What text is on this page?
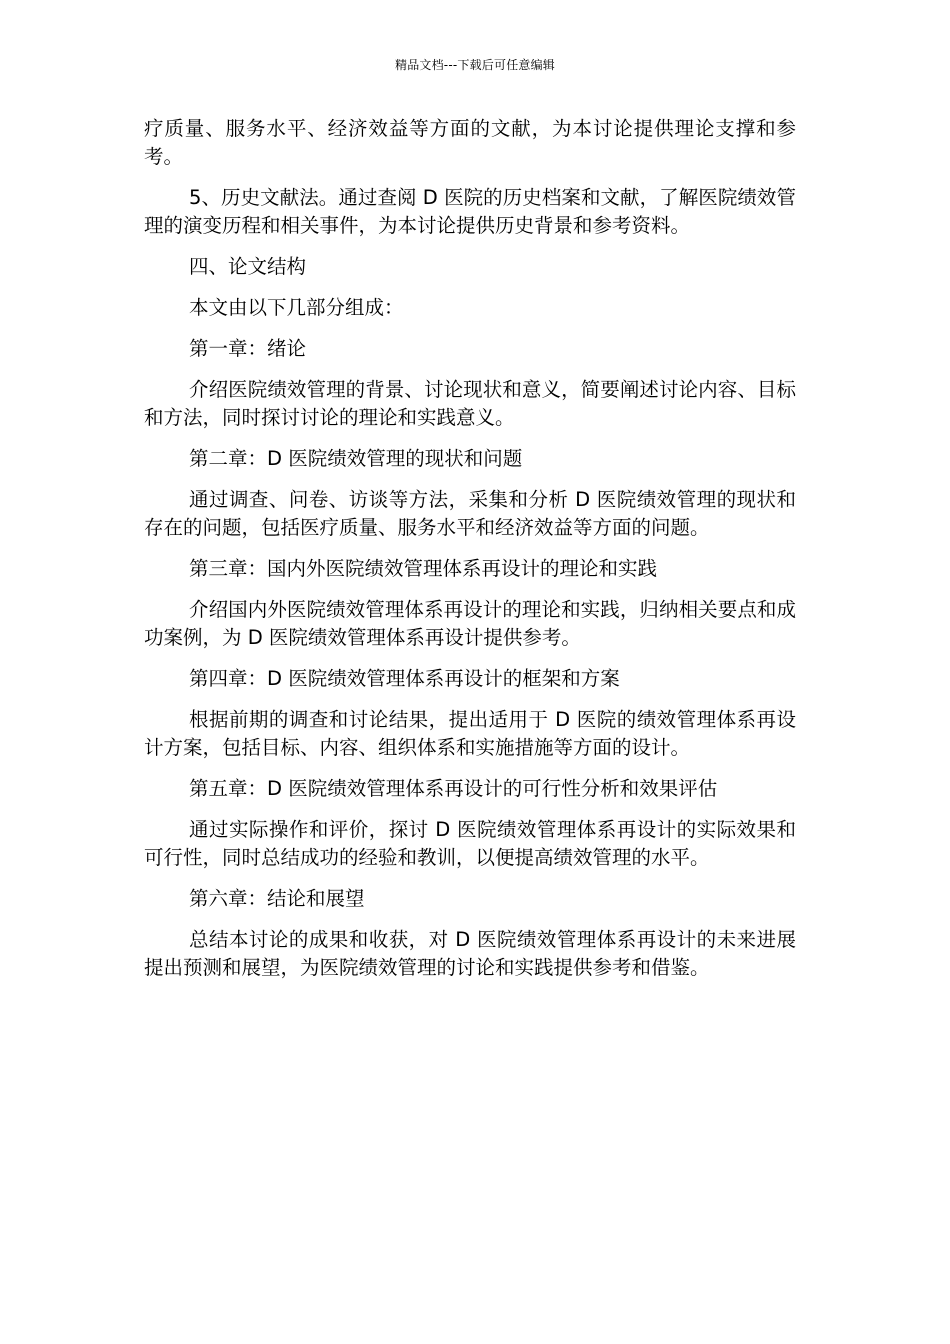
精品文档---下载后可任意编辑

疗质量、服务水平、经济效益等方面的文献，为本讨论提供理论支撑和参考。

5、历史文献法。通过查阅 D 医院的历史档案和文献，了解医院绩效管理的演变历程和相关事件，为本讨论提供历史背景和参考资料。

四、论文结构

本文由以下几部分组成：

第一章：绪论

介绍医院绩效管理的背景、讨论现状和意义，简要阐述讨论内容、目标和方法，同时探讨讨论的理论和实践意义。

第二章：D 医院绩效管理的现状和问题

通过调查、问卷、访谈等方法，采集和分析 D 医院绩效管理的现状和存在的问题，包括医疗质量、服务水平和经济效益等方面的问题。

第三章：国内外医院绩效管理体系再设计的理论和实践

介绍国内外医院绩效管理体系再设计的理论和实践，归纳相关要点和成功案例，为 D 医院绩效管理体系再设计提供参考。

第四章：D 医院绩效管理体系再设计的框架和方案

根据前期的调查和讨论结果，提出适用于 D 医院的绩效管理体系再设计方案，包括目标、内容、组织体系和实施措施等方面的设计。

第五章：D 医院绩效管理体系再设计的可行性分析和效果评估

通过实际操作和评价，探讨 D 医院绩效管理体系再设计的实际效果和可行性，同时总结成功的经验和教训，以便提高绩效管理的水平。

第六章：结论和展望

总结本讨论的成果和收获，对 D 医院绩效管理体系再设计的未来进展提出预测和展望，为医院绩效管理的讨论和实践提供参考和借鉴。
